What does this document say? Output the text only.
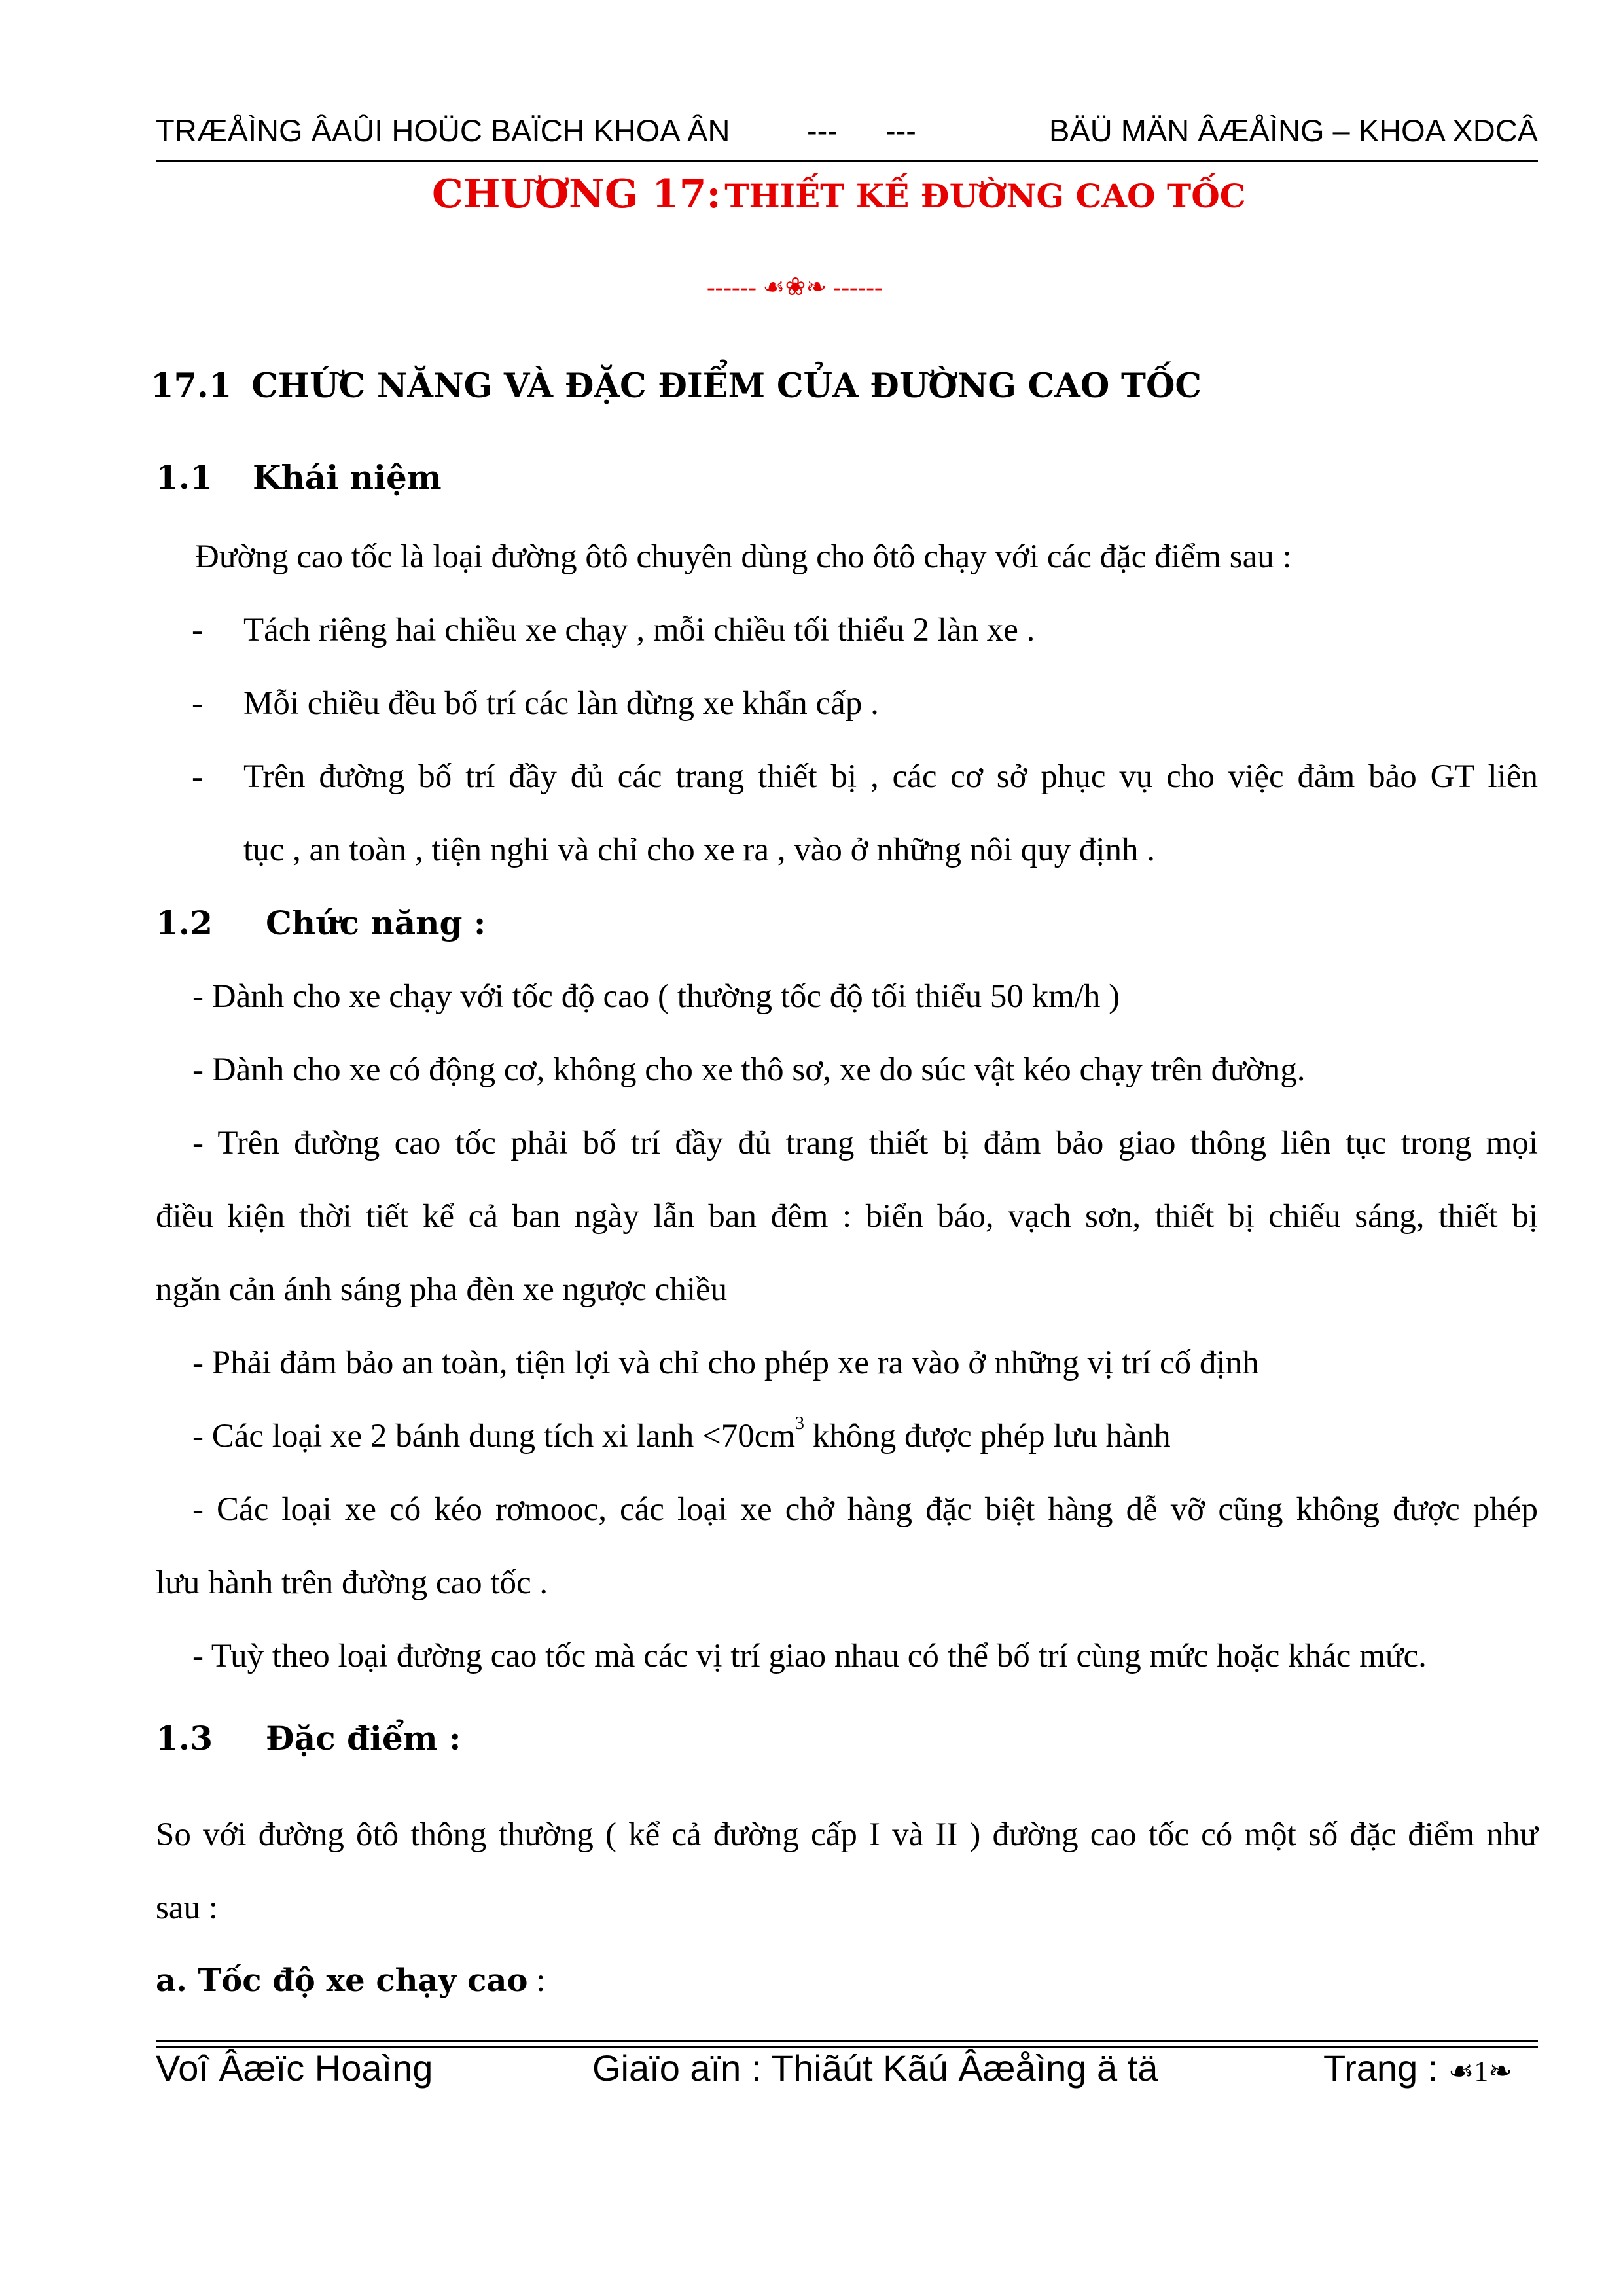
TRÆÅÌNG ÂAÛI HOÜC BAÏCH KHOA ÂN	--- ---	BÄÜ MÄN ÂÆÅÌNG – KHOA XDCÂ
CHƯƠNG 17: THIẾT KẾ ĐƯỜNG CAO TỐC
------ ☙❀❧ ------
17.1 CHỨC NĂNG VÀ ĐẶC ĐIỂM CỦA ĐƯỜNG CAO TỐC
1.1 Khái niệm
Đường cao tốc là loại đường ôtô chuyên dùng cho ôtô chạy với các đặc điểm sau :
- Tách riêng hai chiều xe chạy , mỗi chiều tối thiểu 2 làn xe .
- Mỗi chiều đều bố trí các làn dừng xe khẩn cấp .
- Trên đường bố trí đầy đủ các trang thiết bị , các cơ sở phục vụ cho việc đảm bảo GT liên
tục , an toàn , tiện nghi và chỉ cho xe ra , vào ở những nôi quy định .
1.2 Chức năng :
- Dành cho xe chạy với tốc độ cao ( thường tốc độ tối thiểu 50 km/h )
- Dành cho xe có động cơ, không cho xe thô sơ, xe do súc vật kéo chạy trên đường.
- Trên đường cao tốc phải bố trí đầy đủ trang thiết bị đảm bảo giao thông liên tục trong mọi
điều kiện thời tiết kể cả ban ngày lẫn ban đêm : biển báo, vạch sơn, thiết bị chiếu sáng, thiết bị
ngăn cản ánh sáng pha đèn xe ngược chiều
- Phải đảm bảo an toàn, tiện lợi và chỉ cho phép xe ra vào ở những vị trí cố định
- Các loại xe 2 bánh dung tích xi lanh $<70cm^3$ không được phép lưu hành
- Các loại xe có kéo rơmooc, các loại xe chở hàng đặc biệt hàng dễ vỡ cũng không được phép
lưu hành trên đường cao tốc .
- Tuỳ theo loại đường cao tốc mà các vị trí giao nhau có thể bố trí cùng mức hoặc khác mức.
1.3 Đặc điểm :
So với đường ôtô thông thường ( kể cả đường cấp I và II ) đường cao tốc có một số đặc điểm như
sau :
a. Tốc độ xe chạy cao :
Voî Âæïc Hoaìng	Giaïo aïn : Thiãút Kãú Âæåìng ä tä	Trang : ☙1❧
